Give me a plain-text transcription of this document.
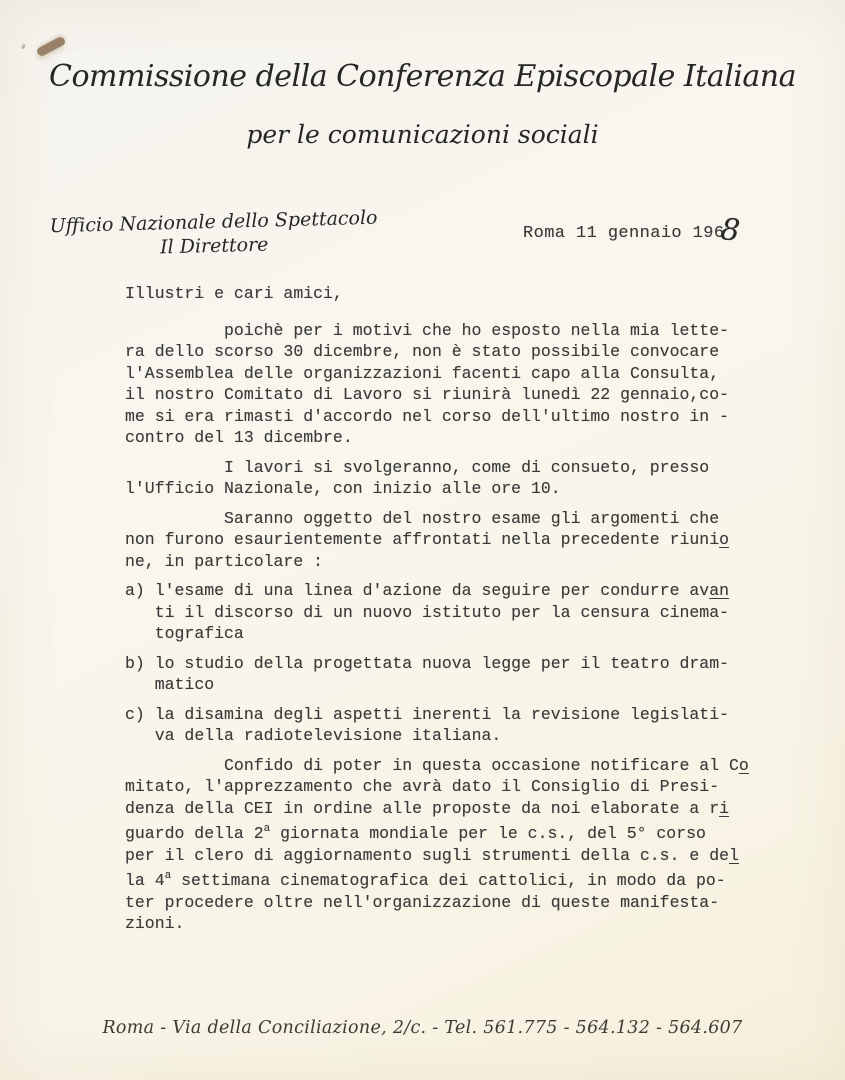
Commissione della Conferenza Episcopale Italiana
per le comunicazioni sociali
Ufficio Nazionale dello Spettacolo
Il Direttore	Roma 11 gennaio 1968
Illustri e cari amici,
poichè per i motivi che ho esposto nella mia lette-
ra dello scorso 30 dicembre, non è stato possibile convocare
l'Assemblea delle organizzazioni facenti capo alla Consulta,
il nostro Comitato di Lavoro si riunirà lunedì 22 gennaio,co-
me si era rimasti d'accordo nel corso dell'ultimo nostro in -
contro del 13 dicembre.
I lavori si svolgeranno, come di consueto, presso
l'Ufficio Nazionale, con inizio alle ore 10.
Saranno oggetto del nostro esame gli argomenti che
non furono esaurientemente affrontati nella precedente riunio
ne, in particolare :
a) l'esame di una linea d'azione da seguire per condurre avan
ti il discorso di un nuovo istituto per la censura cinema-
tografica
b) lo studio della progettata nuova legge per il teatro dram-
matico
c) la disamina degli aspetti inerenti la revisione legislati-
va della radiotelevisione italiana.
Confido di poter in questa occasione notificare al Co
mitato, l'apprezzamento che avrà dato il Consiglio di Presi-
denza della CEI in ordine alle proposte da noi elaborate a ri
guardo della 2$^a$ giornata mondiale per le c.s., del 5° corso
per il clero di aggiornamento sugli strumenti della c.s. e del
la 4$^a$ settimana cinematografica dei cattolici, in modo da po-
ter procedere oltre nell'organizzazione di queste manifesta-
zioni.
Roma - Via della Conciliazione, 2/c. - Tel. 561.775 - 564.132 - 564.607
